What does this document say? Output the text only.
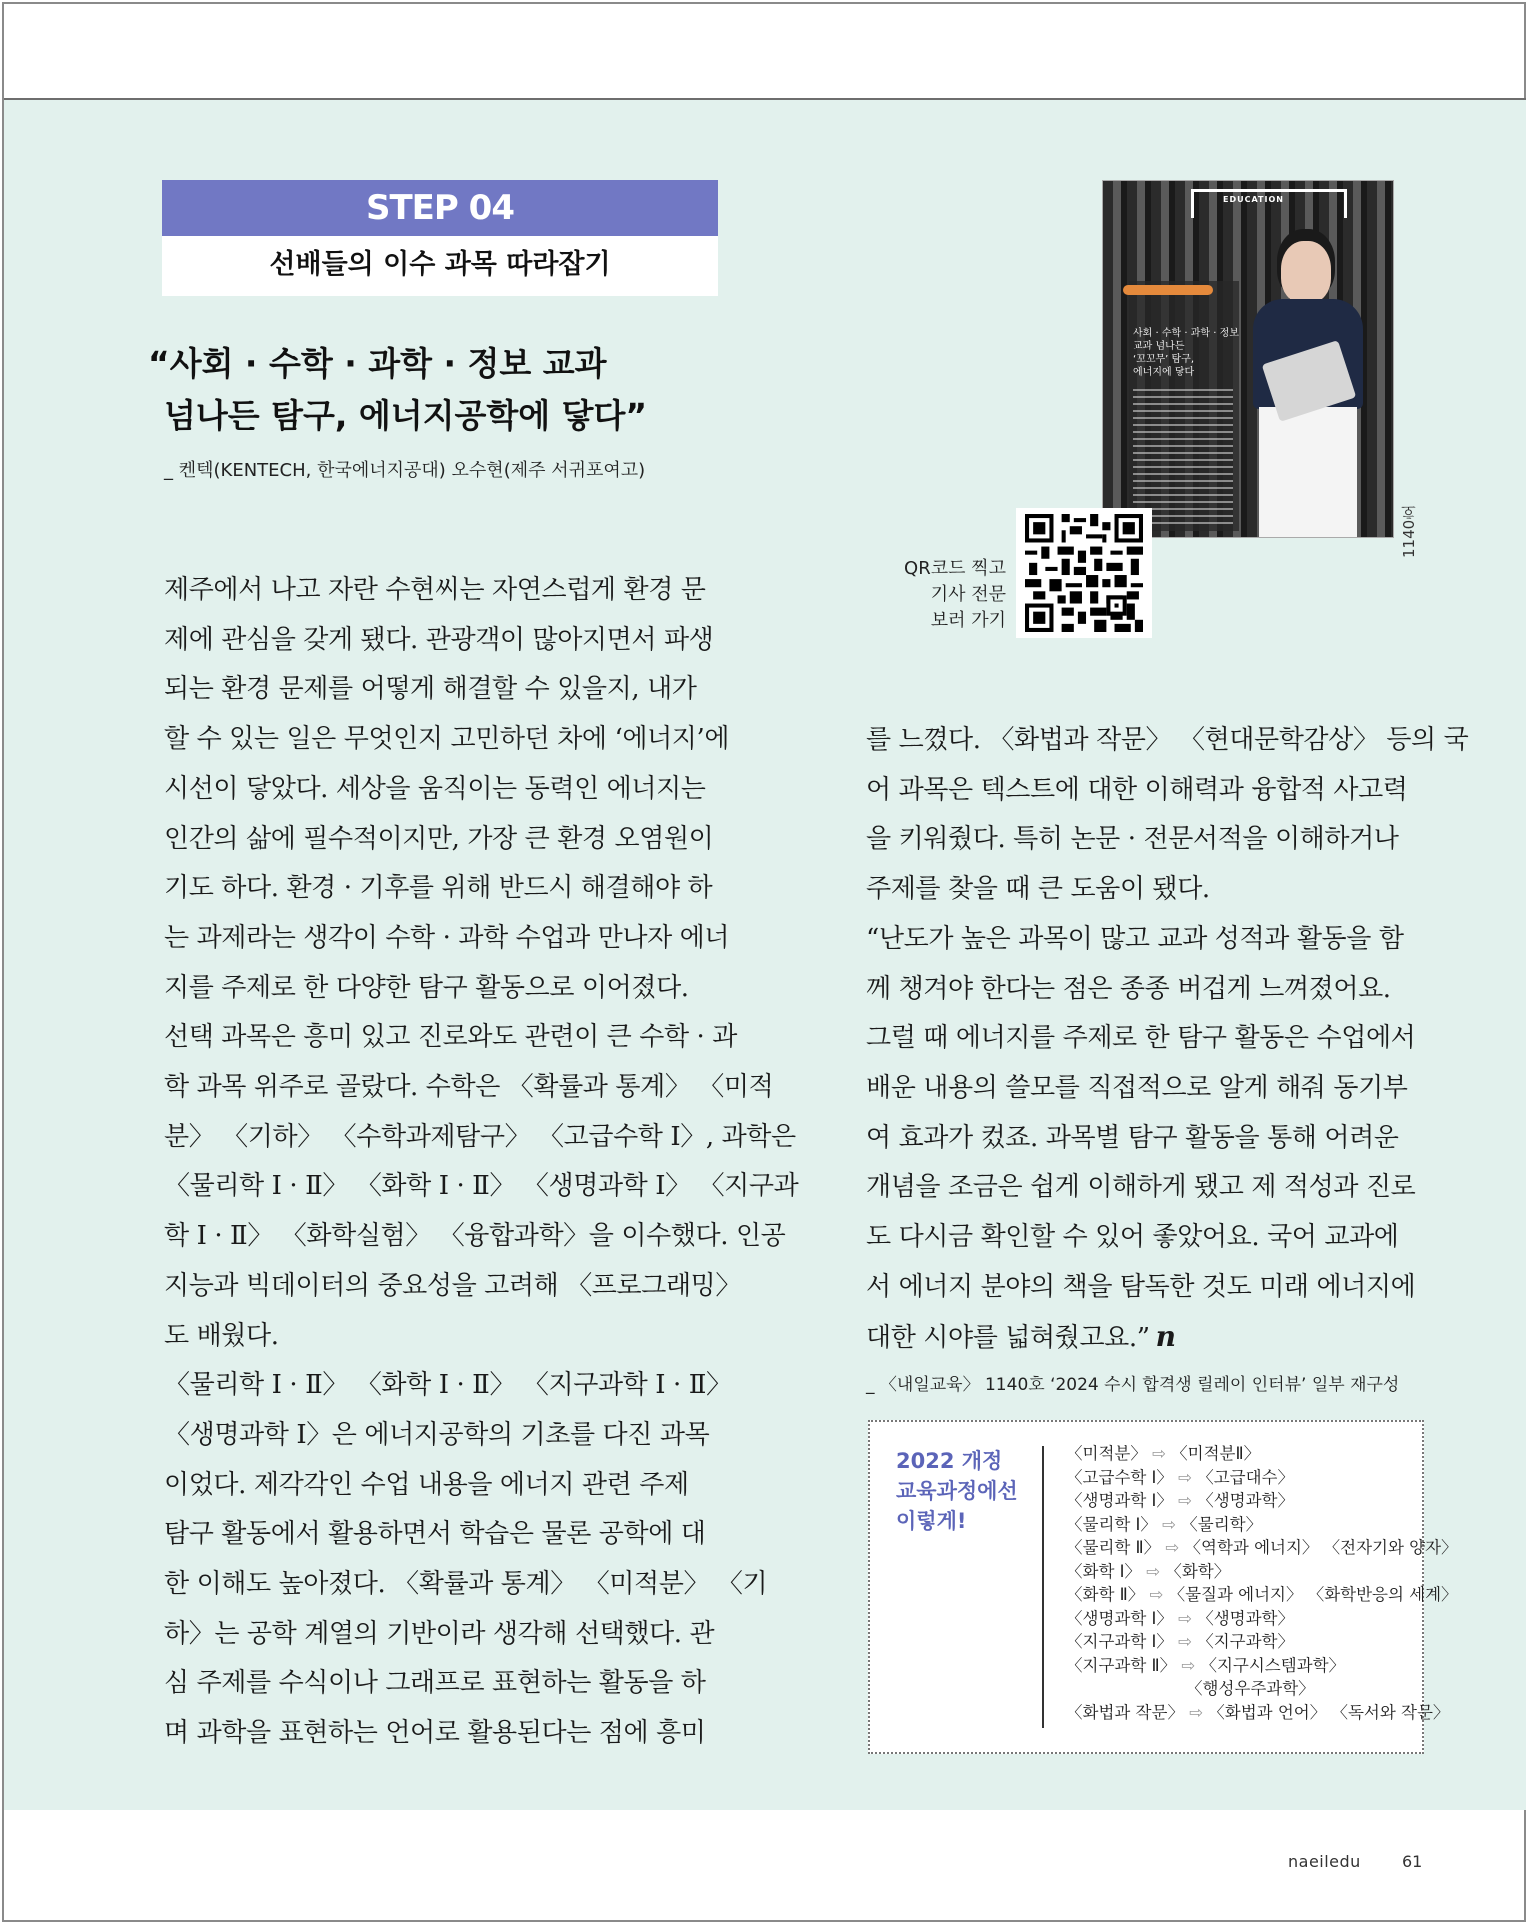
STEP 04
선배들의 이수 과목 따라잡기
“사회 · 수학 · 과학 · 정보 교과
넘나든 탐구, 에너지공학에 닿다”
_ 켄텍(KENTECH, 한국에너지공대) 오수현(제주 서귀포여고)
EDUCATION
사회 · 수학 · 과학 · 정보
교과 넘나든
‘꼬꼬무’ 탐구,
에너지에 닿다
1140호
QR코드 찍고
기사 전문
보러 가기

제주에서 나고 자란 수현씨는 자연스럽게 환경 문

제에 관심을 갖게 됐다. 관광객이 많아지면서 파생

되는 환경 문제를 어떻게 해결할 수 있을지, 내가

할 수 있는 일은 무엇인지 고민하던 차에 ‘에너지’에

시선이 닿았다. 세상을 움직이는 동력인 에너지는

인간의 삶에 필수적이지만, 가장 큰 환경 오염원이

기도 하다. 환경 · 기후를 위해 반드시 해결해야 하

는 과제라는 생각이 수학 · 과학 수업과 만나자 에너

지를 주제로 한 다양한 탐구 활동으로 이어졌다.

선택 과목은 흥미 있고 진로와도 관련이 큰 수학 · 과

학 과목 위주로 골랐다. 수학은 〈확률과 통계〉 〈미적

분〉 〈기하〉 〈수학과제탐구〉 〈고급수학 Ⅰ〉, 과학은

〈물리학 Ⅰ · Ⅱ〉 〈화학 Ⅰ · Ⅱ〉 〈생명과학 Ⅰ〉 〈지구과

학 Ⅰ · Ⅱ〉 〈화학실험〉 〈융합과학〉을 이수했다. 인공

지능과 빅데이터의 중요성을 고려해 〈프로그래밍〉

도 배웠다.

〈물리학 Ⅰ · Ⅱ〉 〈화학 Ⅰ · Ⅱ〉 〈지구과학 Ⅰ · Ⅱ〉

〈생명과학 Ⅰ〉은 에너지공학의 기초를 다진 과목

이었다. 제각각인 수업 내용을 에너지 관련 주제

탐구 활동에서 활용하면서 학습은 물론 공학에 대

한 이해도 높아졌다. 〈확률과 통계〉 〈미적분〉 〈기

하〉는 공학 계열의 기반이라 생각해 선택했다. 관

심 주제를 수식이나 그래프로 표현하는 활동을 하

며 과학을 표현하는 언어로 활용된다는 점에 흥미

를 느꼈다. 〈화법과 작문〉 〈현대문학감상〉 등의 국

어 과목은 텍스트에 대한 이해력과 융합적 사고력

을 키워줬다. 특히 논문 · 전문서적을 이해하거나

주제를 찾을 때 큰 도움이 됐다.

“난도가 높은 과목이 많고 교과 성적과 활동을 함

께 챙겨야 한다는 점은 종종 버겁게 느껴졌어요.

그럴 때 에너지를 주제로 한 탐구 활동은 수업에서

배운 내용의 쓸모를 직접적으로 알게 해줘 동기부

여 효과가 컸죠. 과목별 탐구 활동을 통해 어려운

개념을 조금은 쉽게 이해하게 됐고 제 적성과 진로

도 다시금 확인할 수 있어 좋았어요. 국어 교과에

서 에너지 분야의 책을 탐독한 것도 미래 에너지에

대한 시야를 넓혀줬고요.” n

_ 〈내일교육〉 1140호 ‘2024 수시 합격생 릴레이 인터뷰’ 일부 재구성
2022 개정
교육과정에선
이렇게!
〈미적분〉 ⇨ 〈미적분Ⅱ〉
〈고급수학 Ⅰ〉 ⇨ 〈고급대수〉
〈생명과학 Ⅰ〉 ⇨ 〈생명과학〉
〈물리학 Ⅰ〉 ⇨ 〈물리학〉
〈물리학 Ⅱ〉 ⇨ 〈역학과 에너지〉 〈전자기와 양자〉
〈화학 Ⅰ〉 ⇨ 〈화학〉
〈화학 Ⅱ〉 ⇨ 〈물질과 에너지〉 〈화학반응의 세계〉
〈생명과학 Ⅰ〉 ⇨ 〈생명과학〉
〈지구과학 Ⅰ〉 ⇨ 〈지구과학〉
〈지구과학 Ⅱ〉 ⇨ 〈지구시스템과학〉
〈행성우주과학〉
〈화법과 작문〉 ⇨ 〈화법과 언어〉 〈독서와 작문〉
naeiledu	61
